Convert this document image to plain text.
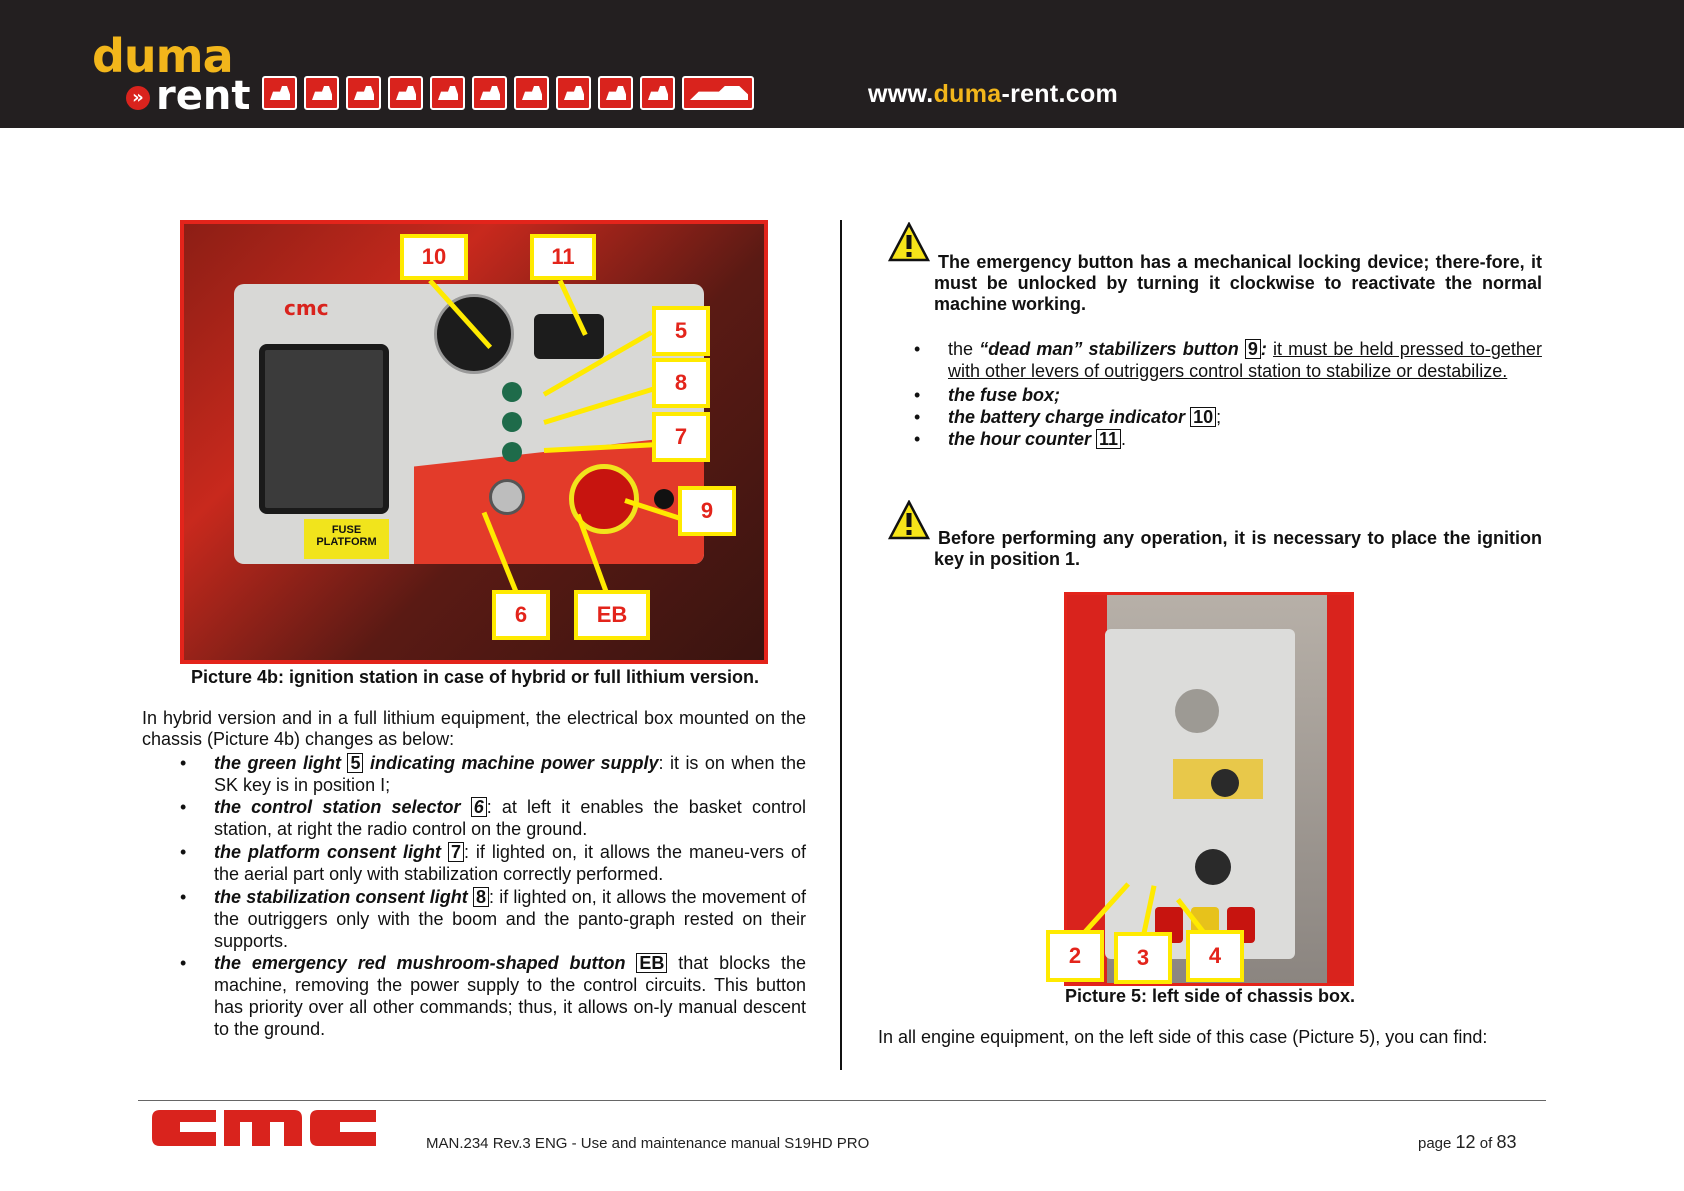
duma
» rent	www.duma-rent.com
cmc
FUSE
PLATFORM
10	11
5
8
7
9
6	EB
Picture 4b: ignition station in case of hybrid or full lithium version.
In hybrid version and in a full lithium equipment, the electrical box mounted on the chassis (Picture 4b) changes as below:
• the green light 5 indicating machine power supply: it is on when the SK key is in position I;
• the control station selector 6 : at left it enables the basket control station, at right the radio control on the ground.
• the platform consent light 7 : if lighted on, it allows the maneu-vers of the aerial part only with stabilization correctly performed.
• the stabilization consent light 8 : if lighted on, it allows the movement of the outriggers only with the boom and the panto-graph rested on their supports.
• the emergency red mushroom-shaped button EB that blocks the machine, removing the power supply to the control circuits. This button has priority over all other commands; thus, it allows on-ly manual descent to the ground.
The emergency button has a mechanical locking device; there-fore, it must be unlocked by turning it clockwise to reactivate the normal machine working.
• the “dead man” stabilizers button 9 : it must be held pressed to-gether with other levers of outriggers control station to stabilize or destabilize.
• the fuse box;
• the battery charge indicator 10 ;
• the hour counter 11 .
Before performing any operation, it is necessary to place the ignition key in position 1.
2	3	4
Picture 5: left side of chassis box.
In all engine equipment, on the left side of this case (Picture 5), you can find:
MAN.234 Rev.3 ENG - Use and maintenance manual S19HD PRO	page 12 of 83
